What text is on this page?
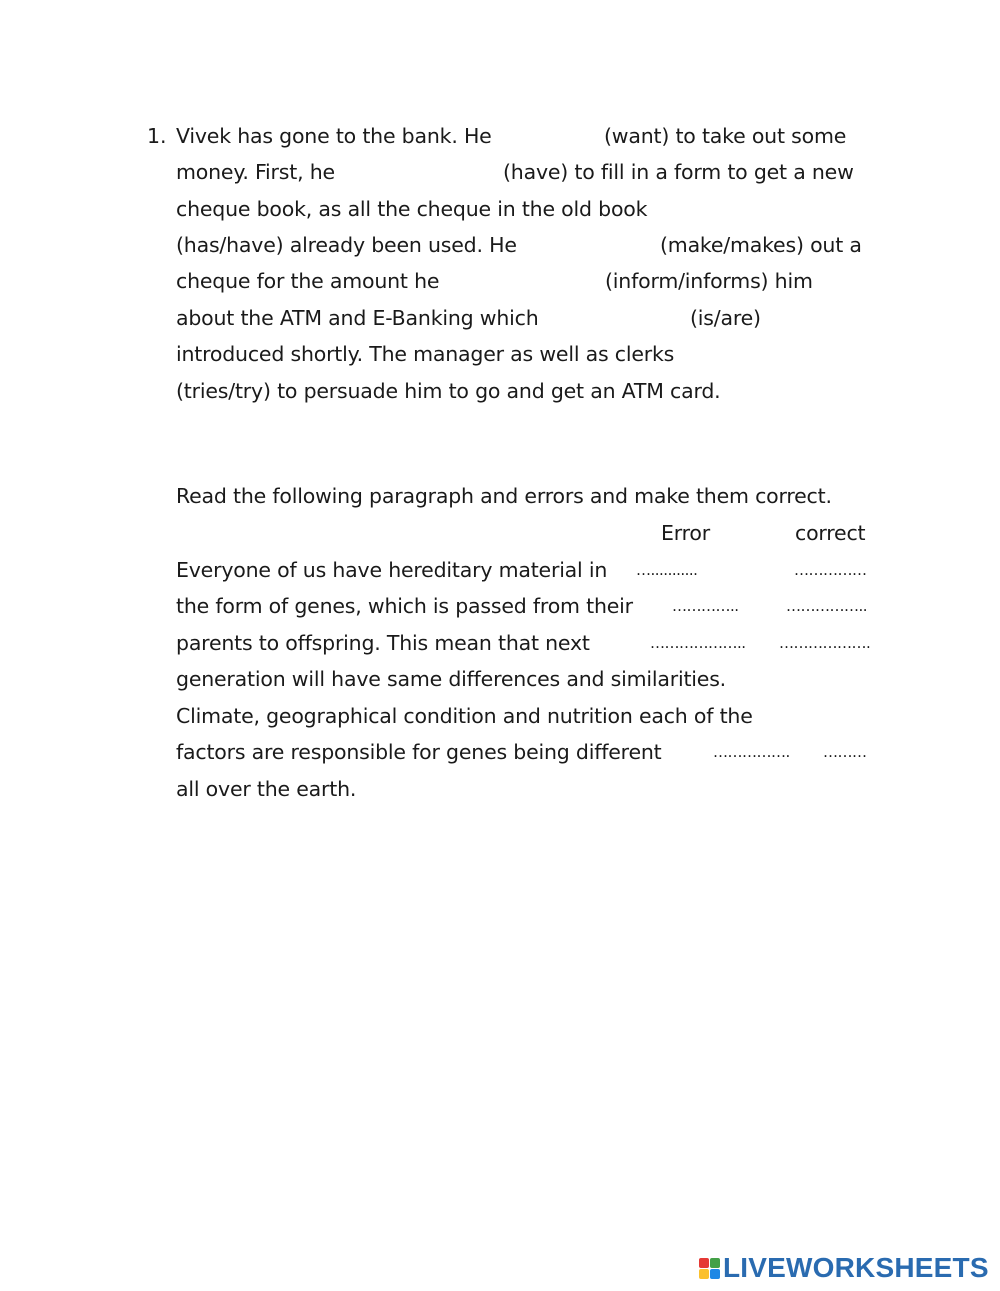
1. Vivek has gone to the bank. He	(want) to take out some
money. First, he	(have) to fill in a form to get a new
cheque book, as all the cheque in the old book
(has/have) already been used. He	(make/makes) out a
cheque for the amount he	(inform/informs) him
about the ATM and E-Banking which	(is/are)
introduced shortly. The manager as well as clerks
(tries/try) to persuade him to go and get an ATM card.
Read the following paragraph and errors and make them correct.
Error	correct
Everyone of us have hereditary material in …...........	……………
the form of genes, which is passed from their	…………..	……………..
parents to offspring. This mean that next	……………….. ……………….
generation will have same differences and similarities.
Climate, geographical condition and nutrition each of the
factors are responsible for genes being different	……………. ………
all over the earth.
LIVEWORKSHEETS
